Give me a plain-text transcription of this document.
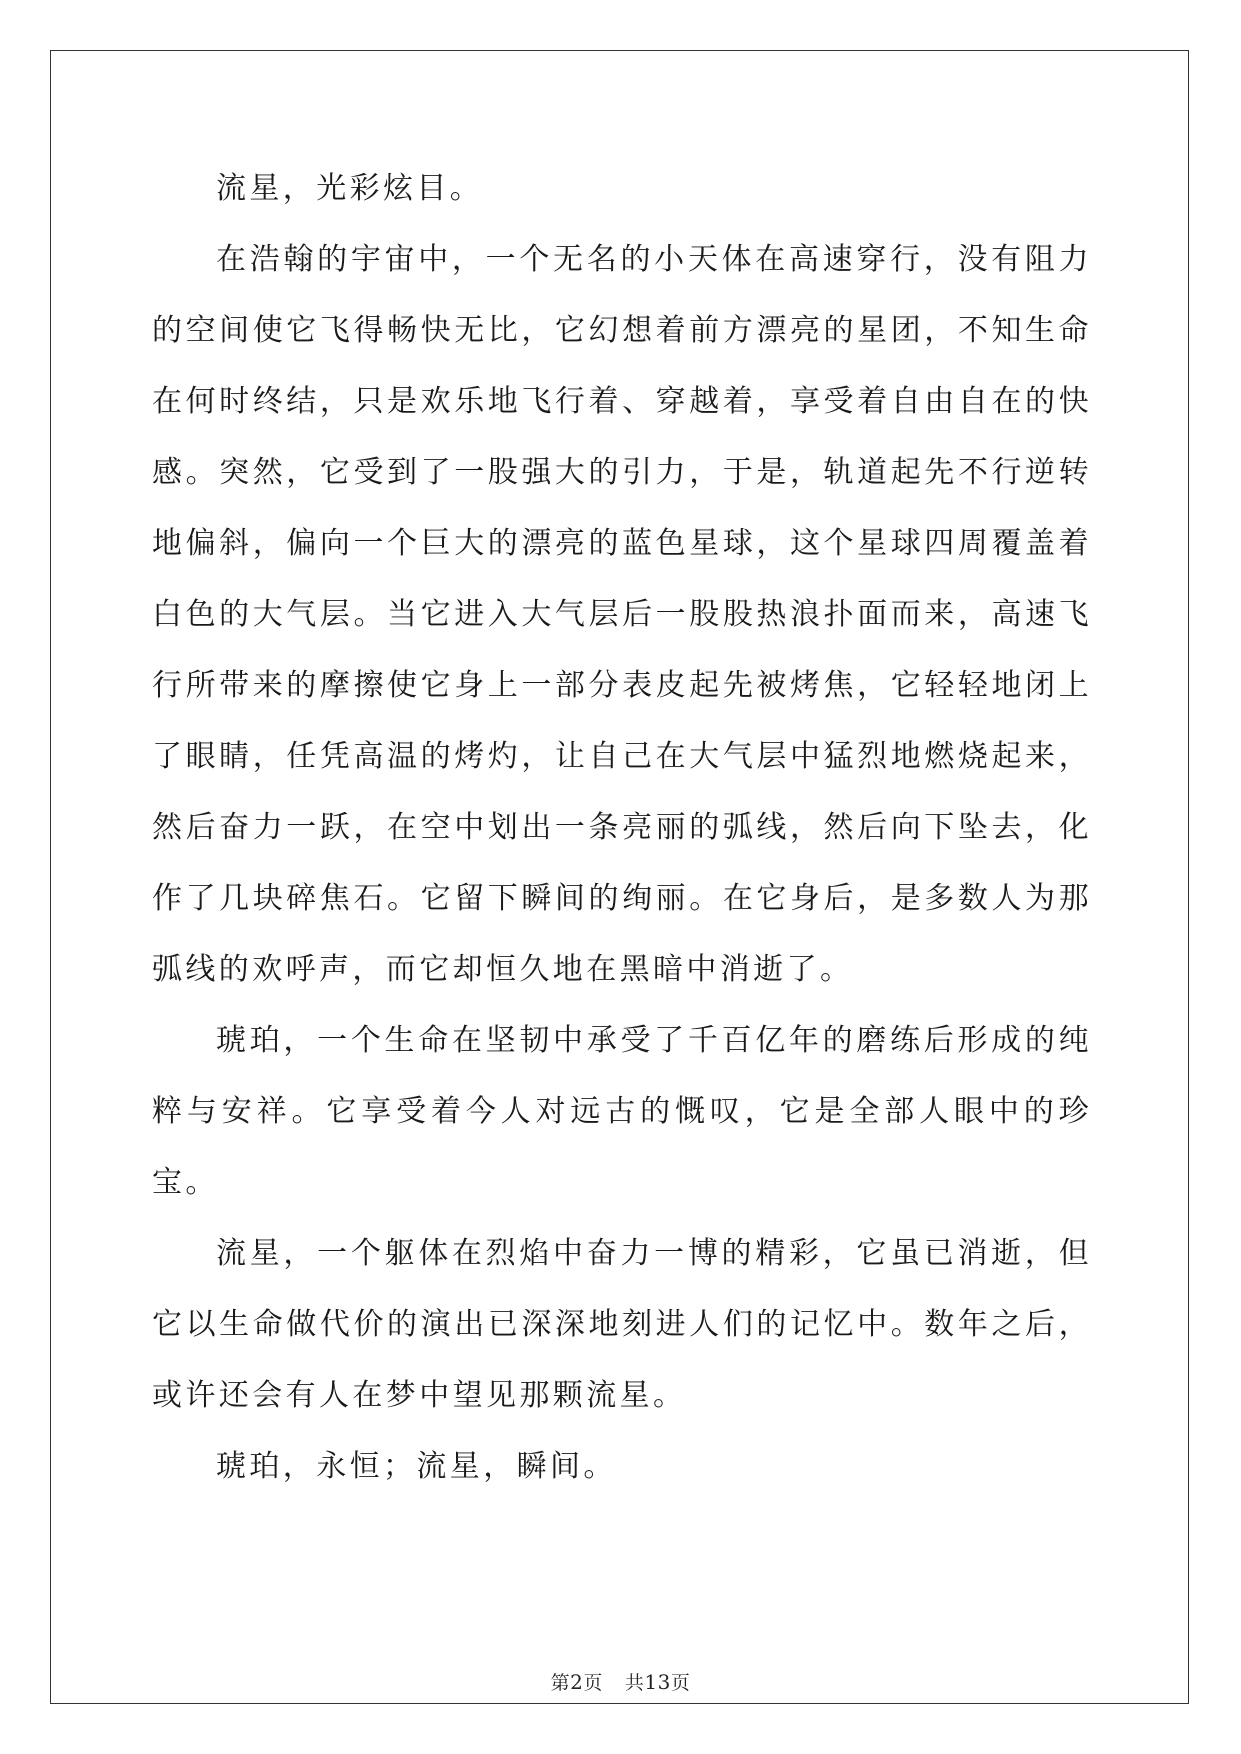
流星，光彩炫目。

在浩翰的宇宙中，一个无名的小天体在高速穿行，没有阻力的空间使它飞得畅快无比，它幻想着前方漂亮的星团，不知生命在何时终结，只是欢乐地飞行着、穿越着，享受着自由自在的快感。突然，它受到了一股强大的引力，于是，轨道起先不行逆转地偏斜，偏向一个巨大的漂亮的蓝色星球，这个星球四周覆盖着白色的大气层。当它进入大气层后一股股热浪扑面而来，高速飞行所带来的摩擦使它身上一部分表皮起先被烤焦，它轻轻地闭上了眼睛，任凭高温的烤灼，让自己在大气层中猛烈地燃烧起来，然后奋力一跃，在空中划出一条亮丽的弧线，然后向下坠去，化作了几块碎焦石。它留下瞬间的绚丽。在它身后，是多数人为那弧线的欢呼声，而它却恒久地在黑暗中消逝了。

琥珀，一个生命在坚韧中承受了千百亿年的磨练后形成的纯粹与安祥。它享受着今人对远古的慨叹，它是全部人眼中的珍宝。

流星，一个躯体在烈焰中奋力一博的精彩，它虽已消逝，但它以生命做代价的演出已深深地刻进人们的记忆中。数年之后，或许还会有人在梦中望见那颗流星。

琥珀，永恒；流星，瞬间。

第2页 共13页
